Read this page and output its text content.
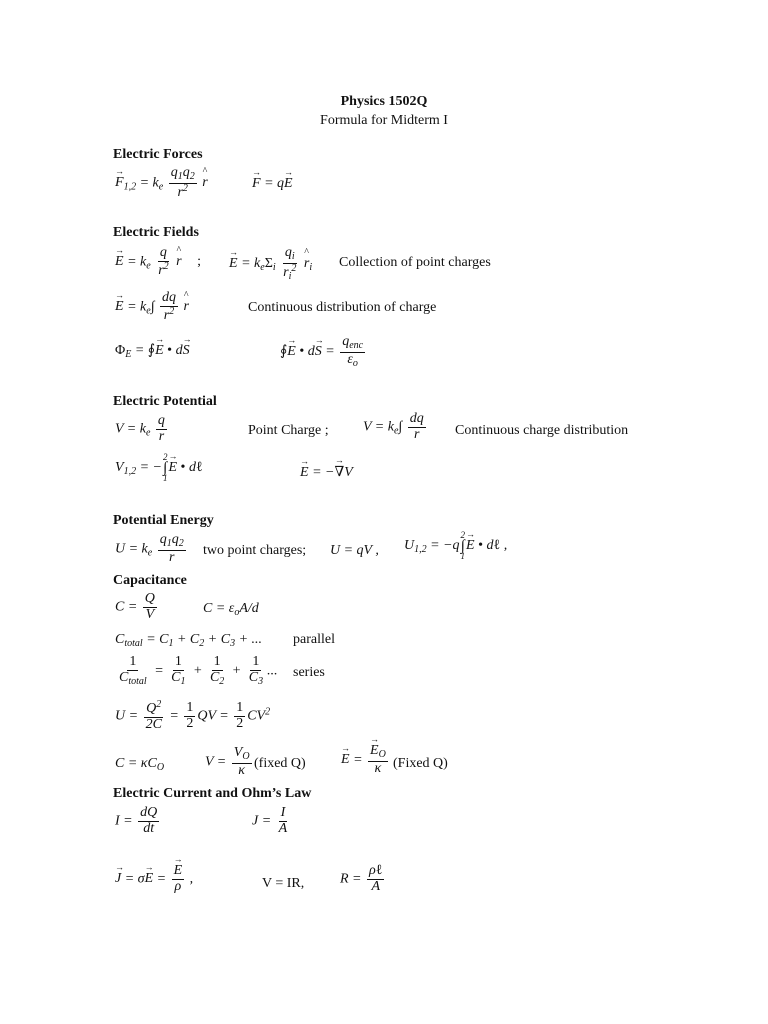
Physics 1502Q
Formula for Midterm I
Electric Forces
→ $F_{1,2} = k_e \frac{q_1q_2}{r^2}$ ^ r	→ F = q→ E
Electric Fields
→ $E = k_e \frac{q}{r^2}$ ^ r ; → $E = k_e\Sigma_i \frac{q_i}{r_i^2}$ ^ $r_i$ Collection of point charges
→ $E = k_e\int \frac{dq}{r^2}$ ^ r	Continuous distribution of charge
$\Phi_E$ = ∮→ E • d→ S	∮→ E • $d\to S = \frac{q_{enc}}{\varepsilon_o}$
Electric Potential
$V = k_e \frac{q}{r}$	Point Charge ; $V = k_e\int \frac{dq}{r}$ Continuous charge distribution
$V_{1,2}$ = −
2
∫
1
→ E • dℓ	→ E = −→ ∇V
Potential Energy
$U = k_e \frac{q_1q_2}{r}$ two point charges; U = qV , $U_{1,2} = -q$
2
∫
1
→ E • dℓ ,
Capacitance
$C = \frac{Q}{V}$	$C = \varepsilon_oA/d$
$C_{total} = C_1 + C_2 + C_3$ + ... parallel
$\frac{1}{C_{total}} = \frac{1}{C_1} + \frac{1}{C_2} + \frac{1}{C_3}$ ... series
$U = \frac{Q^2}{2C} = \frac{1}{2}$ QV = $\frac{1}{2} CV^2$
$C = \kappa C_O$	$V = \frac{V_O}{\kappa}$ (fixed Q)	→ E = → $\frac{E_O}{\kappa}$ (Fixed Q)
Electric Current and Ohm’s Law
$I = \frac{dQ}{dt}$	$J = \frac{I}{A}$
→ J = σ→ E = → $\frac{E}{\rho}$ ,	V = IR,	$R = \frac{\text{ρℓ}}{A}$
